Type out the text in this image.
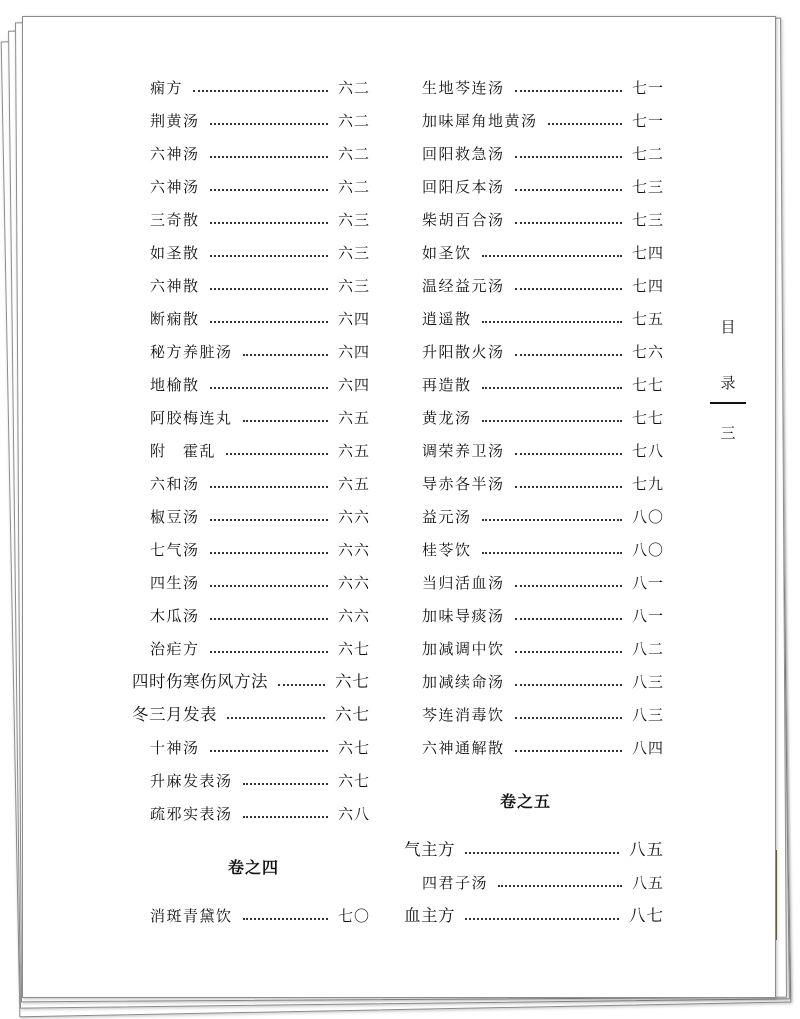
痫方	六二
荆黄汤	六二
六神汤	六二
六神汤	六二
三奇散	六三
如圣散	六三
六神散	六三
断痫散	六四
秘方养脏汤	六四
地榆散	六四
阿胶梅连丸	六五
附　霍乱	六五
六和汤	六五
椒豆汤	六六
七气汤	六六
四生汤	六六
木瓜汤	六六
治疟方	六七
四时伤寒伤风方法	六七
冬三月发表	六七
十神汤	六七
升麻发表汤	六七
疏邪实表汤	六八
卷之四
消斑青黛饮	七〇
生地芩连汤	七一
加味犀角地黄汤	七一
回阳救急汤	七二
回阳反本汤	七三
柴胡百合汤	七三
如圣饮	七四
温经益元汤	七四
逍遥散	七五
升阳散火汤	七六
再造散	七七
黄龙汤	七七
调荣养卫汤	七八
导赤各半汤	七九
益元汤	八〇
桂苓饮	八〇
当归活血汤	八一
加味导痰汤	八一
加减调中饮	八二
加减续命汤	八三
芩连消毒饮	八三
六神通解散	八四
卷之五
气主方	八五
四君子汤	八五
血主方	八七
目
录
三
